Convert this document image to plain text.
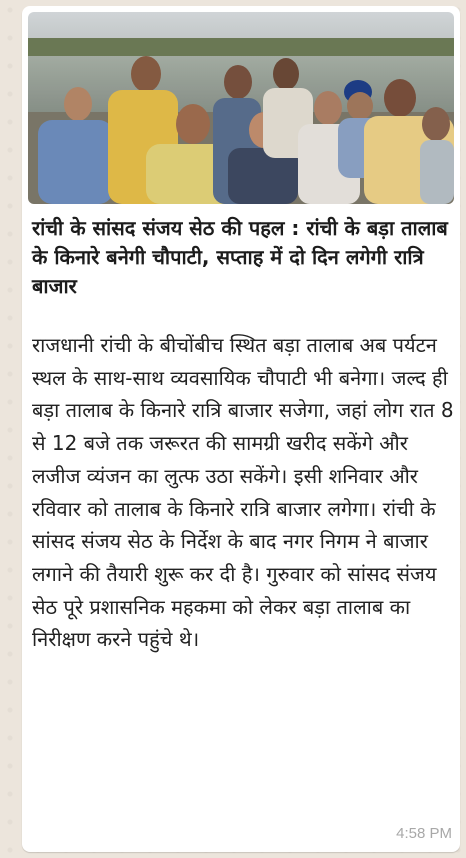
रांची के सांसद संजय सेठ की पहल : रांची के बड़ा तालाब के किनारे बनेगी चौपाटी, सप्ताह में दो दिन लगेगी रात्रि बाजार

राजधानी रांची के बीचोंबीच स्थित बड़ा तालाब अब पर्यटन स्थल के साथ-साथ व्यवसायिक चौपाटी भी बनेगा। जल्द ही बड़ा तालाब के किनारे रात्रि बाजार सजेगा, जहां लोग रात 8 से 12 बजे तक जरूरत की सामग्री खरीद सकेंगे और लजीज व्यंजन का लुत्फ उठा सकेंगे। इसी शनिवार और रविवार को तालाब के किनारे रात्रि बाजार लगेगा। रांची के सांसद संजय सेठ के निर्देश के बाद नगर निगम ने बाजार लगाने की तैयारी शुरू कर दी है। गुरुवार को सांसद संजय सेठ पूरे प्रशासनिक महकमा को लेकर बड़ा तालाब का निरीक्षण करने पहुंचे थे।

4:58 PM
